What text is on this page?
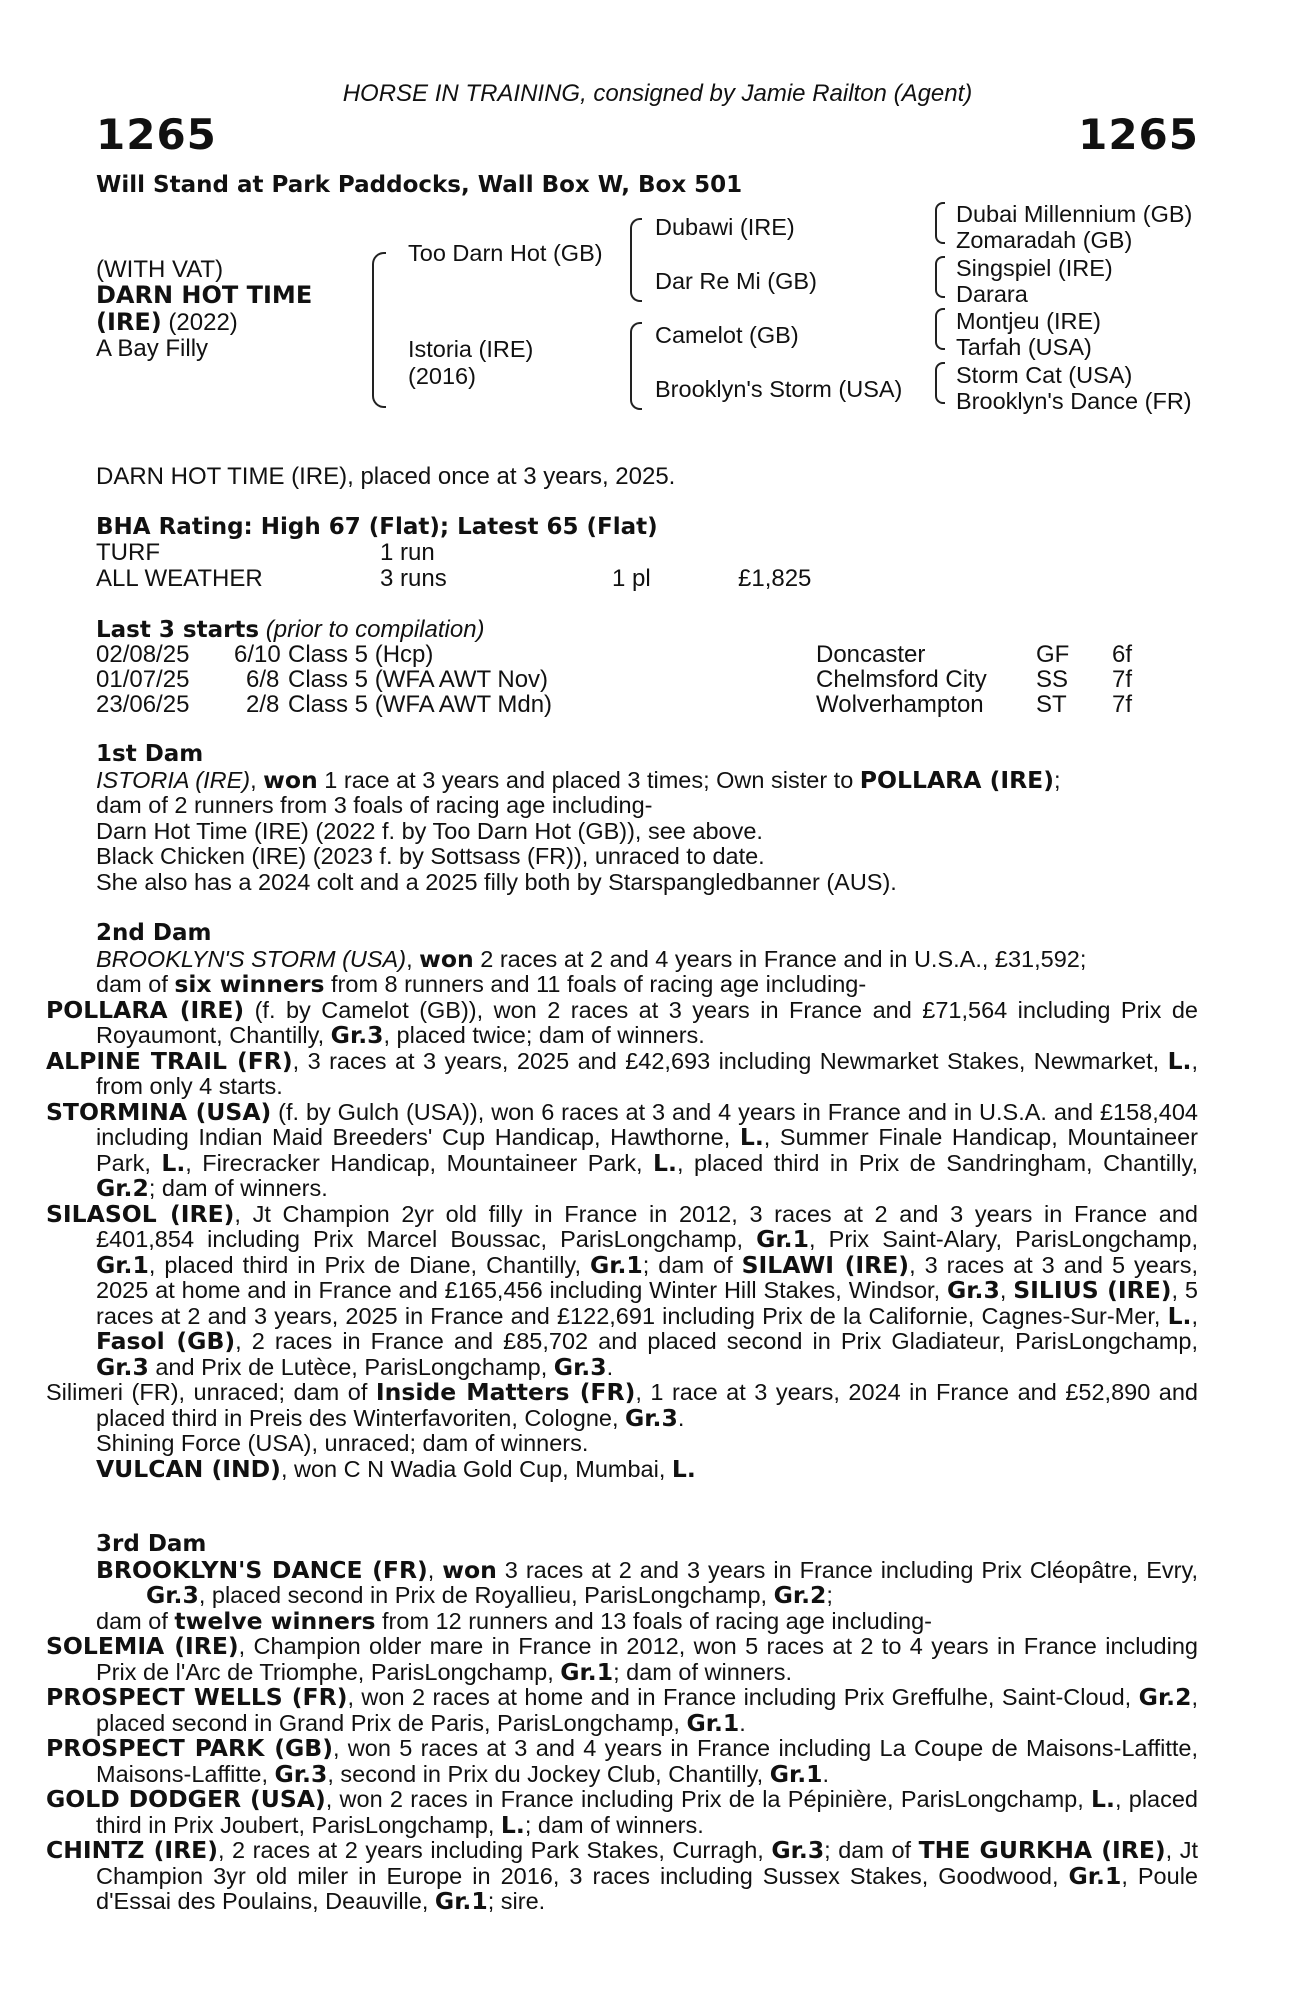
HORSE IN TRAINING, consigned by Jamie Railton (Agent)
1265	1265
Will Stand at Park Paddocks, Wall Box W, Box 501
(WITH VAT)
DARN HOT TIME
(IRE) (2022)
A Bay Filly
Too Darn Hot (GB)
Istoria (IRE)
(2016)
Dubawi (IRE)
Dar Re Mi (GB)
Camelot (GB)
Brooklyn's Storm (USA)
Dubai Millennium (GB)
Zomaradah (GB)
Singspiel (IRE)
Darara
Montjeu (IRE)
Tarfah (USA)
Storm Cat (USA)
Brooklyn's Dance (FR)
DARN HOT TIME (IRE), placed once at 3 years, 2025.
BHA Rating: High 67 (Flat); Latest 65 (Flat)
TURF	1 run
ALL WEATHER	3 runs	1 pl	£1,825
Last 3 starts (prior to compilation)
02/08/25 6/10 Class 5 (Hcp)	Doncaster	GF 6f
01/07/25 6/8 Class 5 (WFA AWT Nov)	Chelmsford City SS 7f
23/06/25 2/8 Class 5 (WFA AWT Mdn)	Wolverhampton ST 7f

1st Dam

ISTORIA (IRE), won 1 race at 3 years and placed 3 times; Own sister to POLLARA (IRE);

dam of 2 runners from 3 foals of racing age including-

Darn Hot Time (IRE) (2022 f. by Too Darn Hot (GB)), see above.

Black Chicken (IRE) (2023 f. by Sottsass (FR)), unraced to date.

She also has a 2024 colt and a 2025 filly both by Starspangledbanner (AUS).

2nd Dam

BROOKLYN'S STORM (USA), won 2 races at 2 and 4 years in France and in U.S.A., £31,592;

dam of six winners from 8 runners and 11 foals of racing age including-

POLLARA (IRE) (f. by Camelot (GB)), won 2 races at 3 years in France and £71,564 including Prix de Royaumont, Chantilly, Gr.3, placed twice; dam of winners.

ALPINE TRAIL (FR), 3 races at 3 years, 2025 and £42,693 including Newmarket Stakes, Newmarket, L., from only 4 starts.

STORMINA (USA) (f. by Gulch (USA)), won 6 races at 3 and 4 years in France and in U.S.A. and £158,404 including Indian Maid Breeders' Cup Handicap, Hawthorne, L., Summer Finale Handicap, Mountaineer Park, L., Firecracker Handicap, Mountaineer Park, L., placed third in Prix de Sandringham, Chantilly, Gr.2; dam of winners.

SILASOL (IRE), Jt Champion 2yr old filly in France in 2012, 3 races at 2 and 3 years in France and £401,854 including Prix Marcel Boussac, ParisLongchamp, Gr.1, Prix Saint-Alary, ParisLongchamp, Gr.1, placed third in Prix de Diane, Chantilly, Gr.1; dam of SILAWI (IRE), 3 races at 3 and 5 years, 2025 at home and in France and £165,456 including Winter Hill Stakes, Windsor, Gr.3, SILIUS (IRE), 5 races at 2 and 3 years, 2025 in France and £122,691 including Prix de la Californie, Cagnes-Sur-Mer, L., Fasol (GB), 2 races in France and £85,702 and placed second in Prix Gladiateur, ParisLongchamp, Gr.3 and Prix de Lutèce, ParisLongchamp, Gr.3.

Silimeri (FR), unraced; dam of Inside Matters (FR), 1 race at 3 years, 2024 in France and £52,890 and placed third in Preis des Winterfavoriten, Cologne, Gr.3.

Shining Force (USA), unraced; dam of winners.

VULCAN (IND), won C N Wadia Gold Cup, Mumbai, L.

3rd Dam

BROOKLYN'S DANCE (FR), won 3 races at 2 and 3 years in France including Prix Cléopâtre, Evry, Gr.3, placed second in Prix de Royallieu, ParisLongchamp, Gr.2;

dam of twelve winners from 12 runners and 13 foals of racing age including-

SOLEMIA (IRE), Champion older mare in France in 2012, won 5 races at 2 to 4 years in France including Prix de l'Arc de Triomphe, ParisLongchamp, Gr.1; dam of winners.

PROSPECT WELLS (FR), won 2 races at home and in France including Prix Greffulhe, Saint-Cloud, Gr.2, placed second in Grand Prix de Paris, ParisLongchamp, Gr.1.

PROSPECT PARK (GB), won 5 races at 3 and 4 years in France including La Coupe de Maisons-Laffitte, Maisons-Laffitte, Gr.3, second in Prix du Jockey Club, Chantilly, Gr.1.

GOLD DODGER (USA), won 2 races in France including Prix de la Pépinière, ParisLongchamp, L., placed third in Prix Joubert, ParisLongchamp, L.; dam of winners.

CHINTZ (IRE), 2 races at 2 years including Park Stakes, Curragh, Gr.3; dam of THE GURKHA (IRE), Jt Champion 3yr old miler in Europe in 2016, 3 races including Sussex Stakes, Goodwood, Gr.1, Poule d'Essai des Poulains, Deauville, Gr.1; sire.
